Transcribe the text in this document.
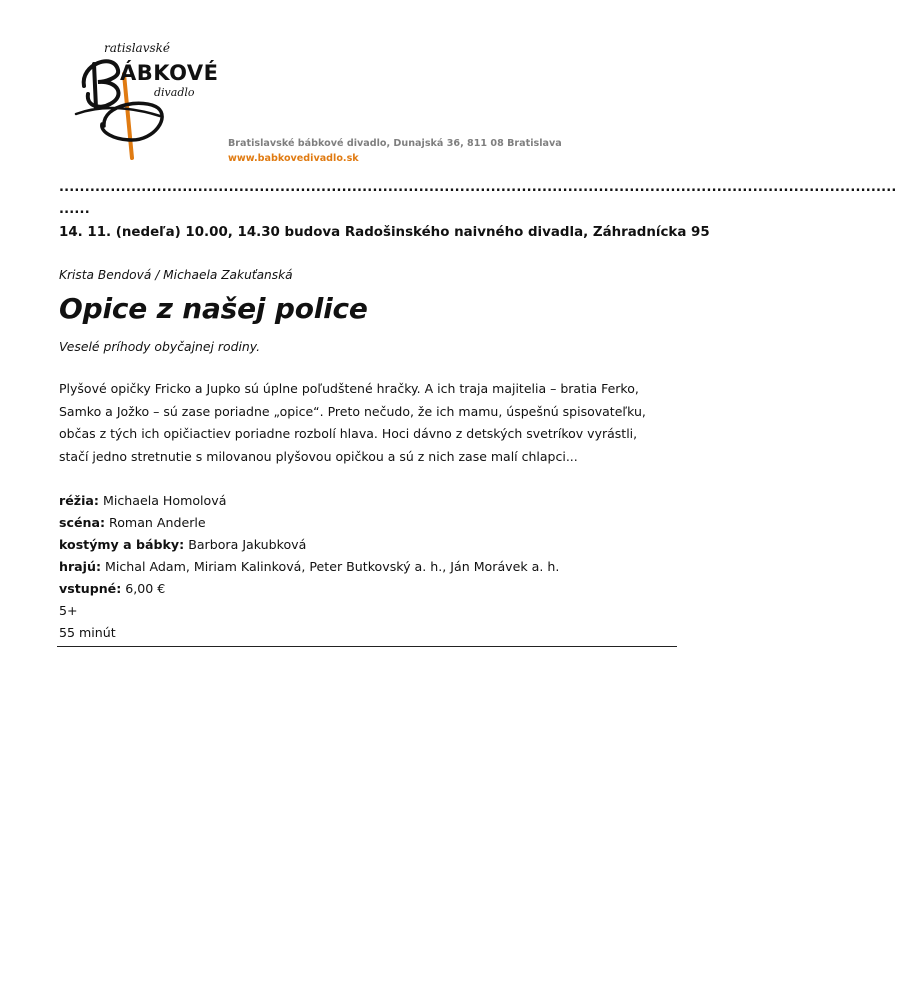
ÁBKOVÉ
ratislavské
divadlo
Bratislavské bábkové divadlo, Dunajská 36, 811 08 Bratislava
www.babkovedivadlo.sk
...................................................................................................................................................................
......
14. 11. (nedeľa) 10.00, 14.30 budova Radošinského naivného divadla, Záhradnícka 95
Krista Bendová / Michaela Zakuťanská
Opice z našej police
Veselé príhody obyčajnej rodiny.
Plyšové opičky Fricko a Jupko sú úplne poľudštené hračky. A ich traja majitelia – bratia Ferko,
Samko a Jožko – sú zase poriadne „opice“. Preto nečudo, že ich mamu, úspešnú spisovateľku,
občas z tých ich opičiactiev poriadne rozbolí hlava. Hoci dávno z detských svetríkov vyrástli,
stačí jedno stretnutie s milovanou plyšovou opičkou a sú z nich zase malí chlapci...
réžia: Michaela Homolová
scéna: Roman Anderle
kostýmy a bábky: Barbora Jakubková
hrajú: Michal Adam, Miriam Kalinková, Peter Butkovský a. h., Ján Morávek a. h.
vstupné: 6,00 €
5+
55 minút
